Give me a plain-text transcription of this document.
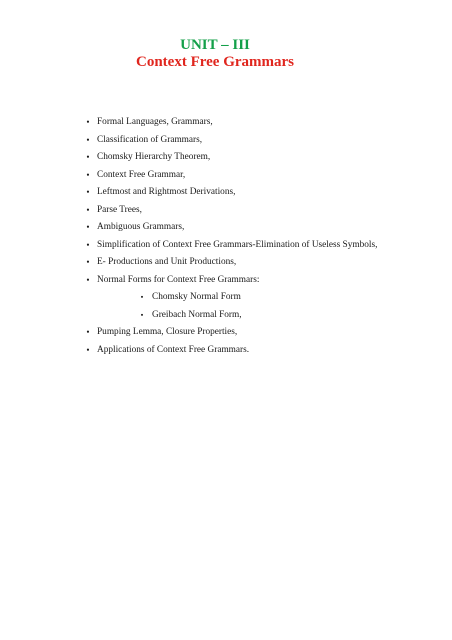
UNIT – III
Context Free Grammars
• Formal Languages, Grammars,
• Classification of Grammars,
• Chomsky Hierarchy Theorem,
• Context Free Grammar,
• Leftmost and Rightmost Derivations,
• Parse Trees,
• Ambiguous Grammars,
• Simplification of Context Free Grammars-Elimination of Useless Symbols,
• E- Productions and Unit Productions,
• Normal Forms for Context Free Grammars:
▪ Chomsky Normal Form
▪ Greibach Normal Form,
• Pumping Lemma, Closure Properties,
• Applications of Context Free Grammars.
